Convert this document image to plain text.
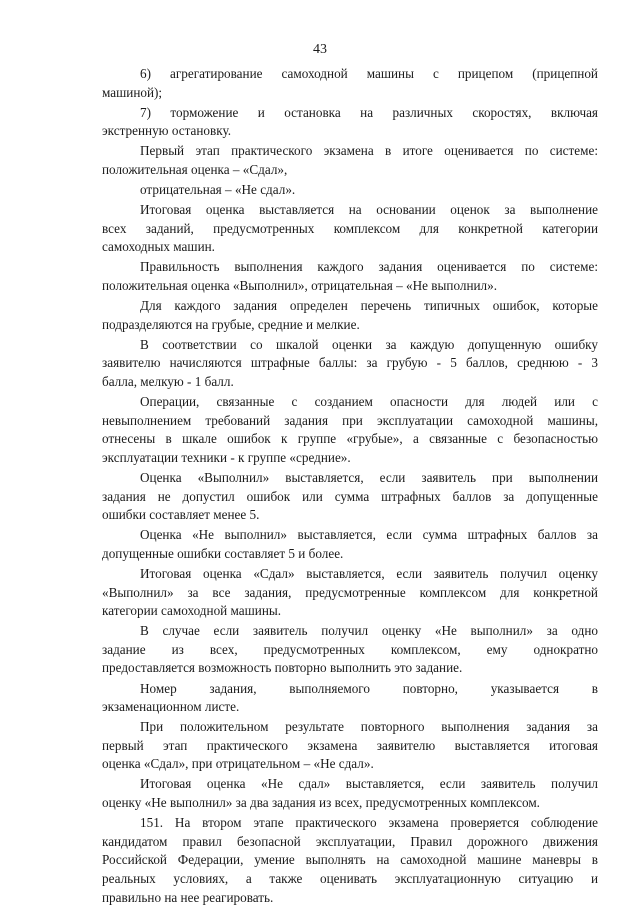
43

6) агрегатирование самоходной машины с прицепом (прицепной
машиной);

7) торможение и остановка на различных скоростях, включая
экстренную остановку.

Первый этап практического экзамена в итоге оценивается по системе:
положительная оценка – «Сдал»,

отрицательная – «Не сдал».

Итоговая оценка выставляется на основании оценок за выполнение
всех заданий, предусмотренных комплексом для конкретной категории
самоходных машин.

Правильность выполнения каждого задания оценивается по системе:
положительная оценка «Выполнил», отрицательная – «Не выполнил».

Для каждого задания определен перечень типичных ошибок, которые
подразделяются на грубые, средние и мелкие.

В соответствии со шкалой оценки за каждую допущенную ошибку
заявителю начисляются штрафные баллы: за грубую - 5 баллов, среднюю - 3
балла, мелкую - 1 балл.

Операции, связанные с созданием опасности для людей или с
невыполнением требований задания при эксплуатации самоходной машины,
отнесены в шкале ошибок к группе «грубые», а связанные с безопасностью
эксплуатации техники - к группе «средние».

Оценка «Выполнил» выставляется, если заявитель при выполнении
задания не допустил ошибок или сумма штрафных баллов за допущенные
ошибки составляет менее 5.

Оценка «Не выполнил» выставляется, если сумма штрафных баллов за
допущенные ошибки составляет 5 и более.

Итоговая оценка «Сдал» выставляется, если заявитель получил оценку
«Выполнил» за все задания, предусмотренные комплексом для конкретной
категории самоходной машины.

В случае если заявитель получил оценку «Не выполнил» за одно
задание из всех, предусмотренных комплексом, ему однократно
предоставляется возможность повторно выполнить это задание.

Номер задания, выполняемого повторно, указывается в
экзаменационном листе.

При положительном результате повторного выполнения задания за
первый этап практического экзамена заявителю выставляется итоговая
оценка «Сдал», при отрицательном – «Не сдал».

Итоговая оценка «Не сдал» выставляется, если заявитель получил
оценку «Не выполнил» за два задания из всех, предусмотренных комплексом.

151. На втором этапе практического экзамена проверяется соблюдение
кандидатом правил безопасной эксплуатации, Правил дорожного движения
Российской Федерации, умение выполнять на самоходной машине маневры в
реальных условиях, а также оценивать эксплуатационную ситуацию и
правильно на нее реагировать.
